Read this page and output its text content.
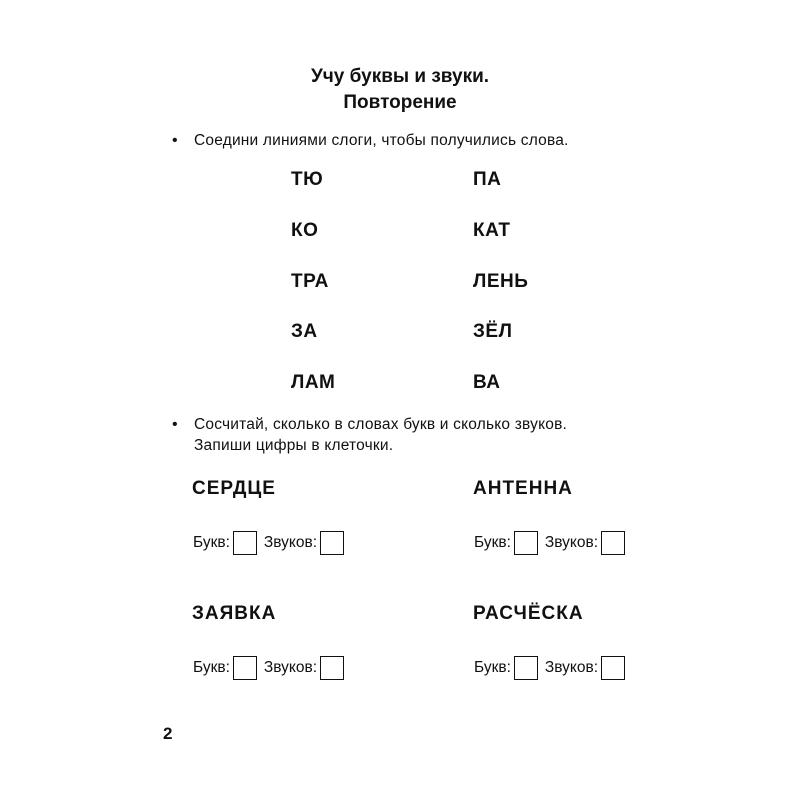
Учу буквы и звуки.
Повторение
• Соедини линиями слоги, чтобы получились слова.
ТЮ
КО
ТРА
ЗА
ЛАМ
ПА
КАТ
ЛЕНЬ
ЗЁЛ
ВА
• Сосчитай, сколько в словах букв и сколько звуков.
Запиши цифры в клеточки.
СЕРДЦЕ
Букв: Звуков:
АНТЕННА
Букв: Звуков:
ЗАЯВКА
Букв: Звуков:
РАСЧЁСКА
Букв: Звуков:
2
